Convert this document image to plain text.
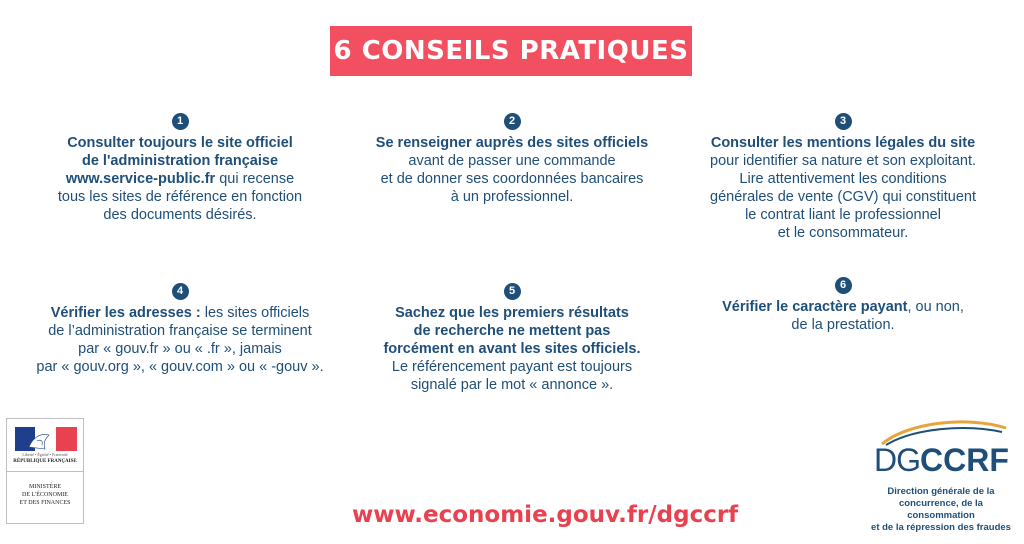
6 CONSEILS PRATIQUES
1
Consulter toujours le site officiel
de l'administration française
www.service-public.fr qui recense
tous les sites de référence en fonction
des documents désirés.
2
Se renseigner auprès des sites officiels
avant de passer une commande
et de donner ses coordonnées bancaires
à un professionnel.
3
Consulter les mentions légales du site
pour identifier sa nature et son exploitant.
Lire attentivement les conditions
générales de vente (CGV) qui constituent
le contrat liant le professionnel
et le consommateur.
4
Vérifier les adresses : les sites officiels
de l’administration française se terminent
par « gouv.fr » ou « .fr », jamais
par « gouv.org », « gouv.com » ou « -gouv ».
5
Sachez que les premiers résultats
de recherche ne mettent pas
forcément en avant les sites officiels.
Le référencement payant est toujours
signalé par le mot « annonce ».
6
Vérifier le caractère payant, ou non,
de la prestation.
Liberté • Égalité • Fraternité
RÉPUBLIQUE FRANÇAISE
MINISTÈRE
DE L'ÉCONOMIE
ET DES FINANCES	www.economie.gouv.fr/dgccrf
DGCCRF
Direction générale de la
concurrence, de la consommation
et de la répression des fraudes
